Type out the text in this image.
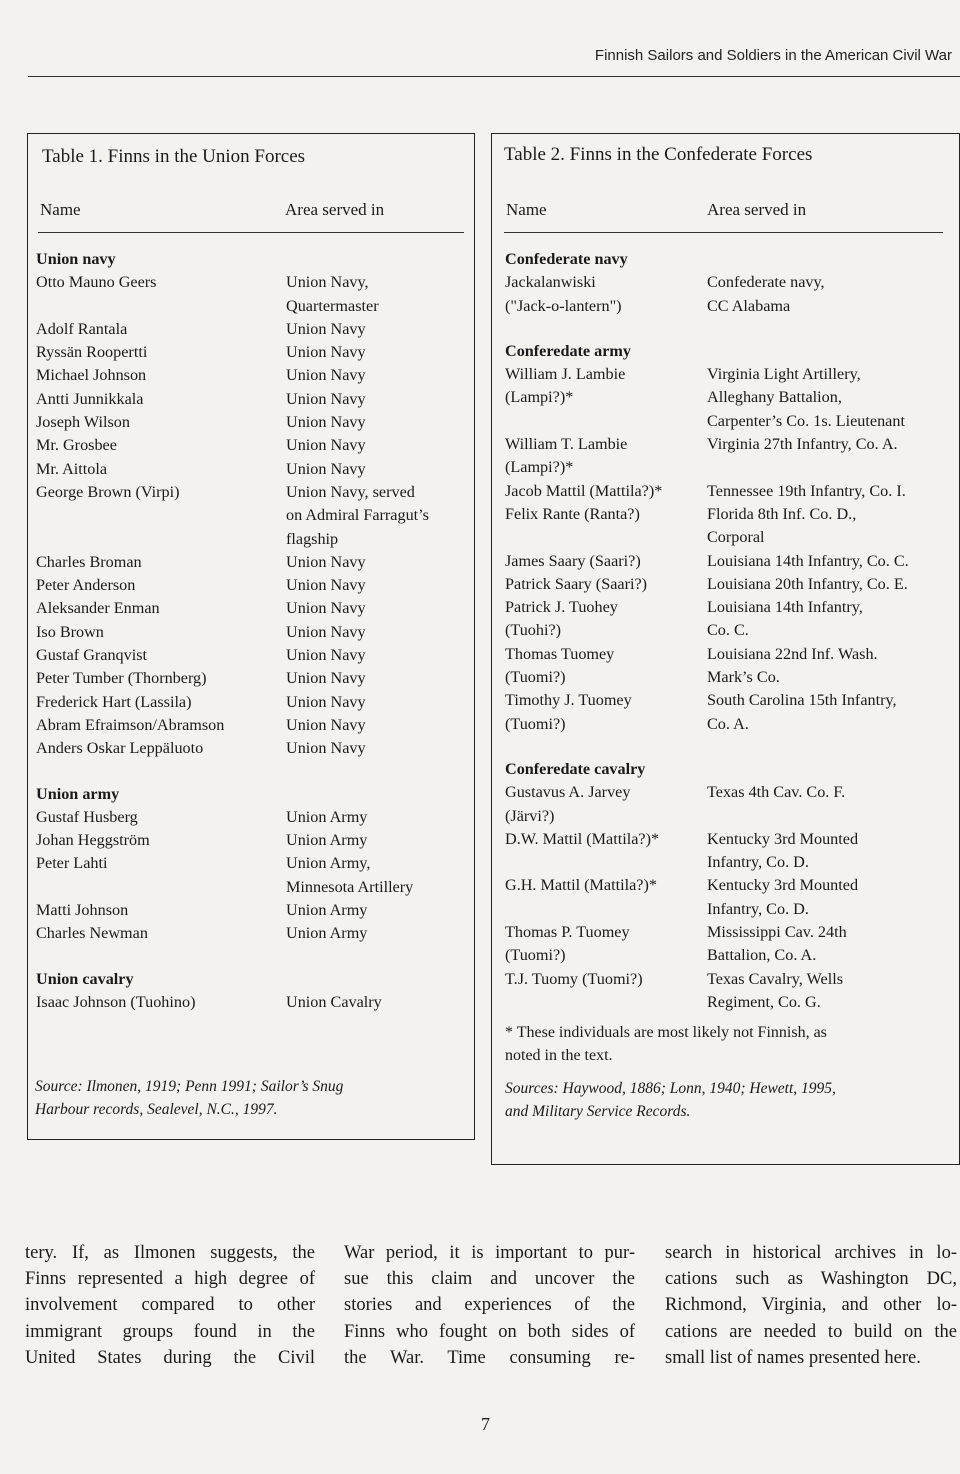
Finnish Sailors and Soldiers in the American Civil War
Table 1. Finns in the Union Forces
Name	Area served in
Union navy
Otto Mauno Geers	Union Navy,
Quartermaster
Adolf Rantala	Union Navy
Ryssän Roopertti	Union Navy
Michael Johnson	Union Navy
Antti Junnikkala	Union Navy
Joseph Wilson	Union Navy
Mr. Grosbee	Union Navy
Mr. Aittola	Union Navy
George Brown (Virpi)	Union Navy, served
on Admiral Farragut’s
flagship
Charles Broman	Union Navy
Peter Anderson	Union Navy
Aleksander Enman	Union Navy
Iso Brown	Union Navy
Gustaf Granqvist	Union Navy
Peter Tumber (Thornberg)	Union Navy
Frederick Hart (Lassila)	Union Navy
Abram Efraimson/Abramson	Union Navy
Anders Oskar Leppäluoto	Union Navy
Union army
Gustaf Husberg	Union Army
Johan Heggström	Union Army
Peter Lahti	Union Army,
Minnesota Artillery
Matti Johnson	Union Army
Charles Newman	Union Army
Union cavalry
Isaac Johnson (Tuohino)	Union Cavalry
Source: Ilmonen, 1919; Penn 1991; Sailor’s Snug
Harbour records, Sealevel, N.C., 1997.
Table 2. Finns in the Confederate Forces
Name	Area served in
Confederate navy
Jackalanwiski	Confederate navy,
("Jack-o-lantern")	CC Alabama
Conferedate army
William J. Lambie	Virginia Light Artillery,
(Lampi?)*	Alleghany Battalion,
Carpenter’s Co. 1s. Lieutenant
William T. Lambie	Virginia 27th Infantry, Co. A.
(Lampi?)*
Jacob Mattil (Mattila?)*	Tennessee 19th Infantry, Co. I.
Felix Rante (Ranta?)	Florida 8th Inf. Co. D.,
Corporal
James Saary (Saari?)	Louisiana 14th Infantry, Co. C.
Patrick Saary (Saari?)	Louisiana 20th Infantry, Co. E.
Patrick J. Tuohey	Louisiana 14th Infantry,
(Tuohi?)	Co. C.
Thomas Tuomey	Louisiana 22nd Inf. Wash.
(Tuomi?)	Mark’s Co.
Timothy J. Tuomey	South Carolina 15th Infantry,
(Tuomi?)	Co. A.
Conferedate cavalry
Gustavus A. Jarvey	Texas 4th Cav. Co. F.
(Järvi?)
D.W. Mattil (Mattila?)*	Kentucky 3rd Mounted
Infantry, Co. D.
G.H. Mattil (Mattila?)*	Kentucky 3rd Mounted
Infantry, Co. D.
Thomas P. Tuomey	Mississippi Cav. 24th
(Tuomi?)	Battalion, Co. A.
T.J. Tuomy (Tuomi?)	Texas Cavalry, Wells
Regiment, Co. G.
* These individuals are most likely not Finnish, as
noted in the text.
Sources: Haywood, 1886; Lonn, 1940; Hewett, 1995,
and Military Service Records.
tery. If, as Ilmonen suggests, the
Finns represented a high degree of
involvement compared to other
immigrant groups found in the
United States during the Civil
War period, it is important to pur-
sue this claim and uncover the
stories and experiences of the
Finns who fought on both sides of
the War. Time consuming re-
search in historical archives in lo-
cations such as Washington DC,
Richmond, Virginia, and other lo-
cations are needed to build on the
small list of names presented here.
7
